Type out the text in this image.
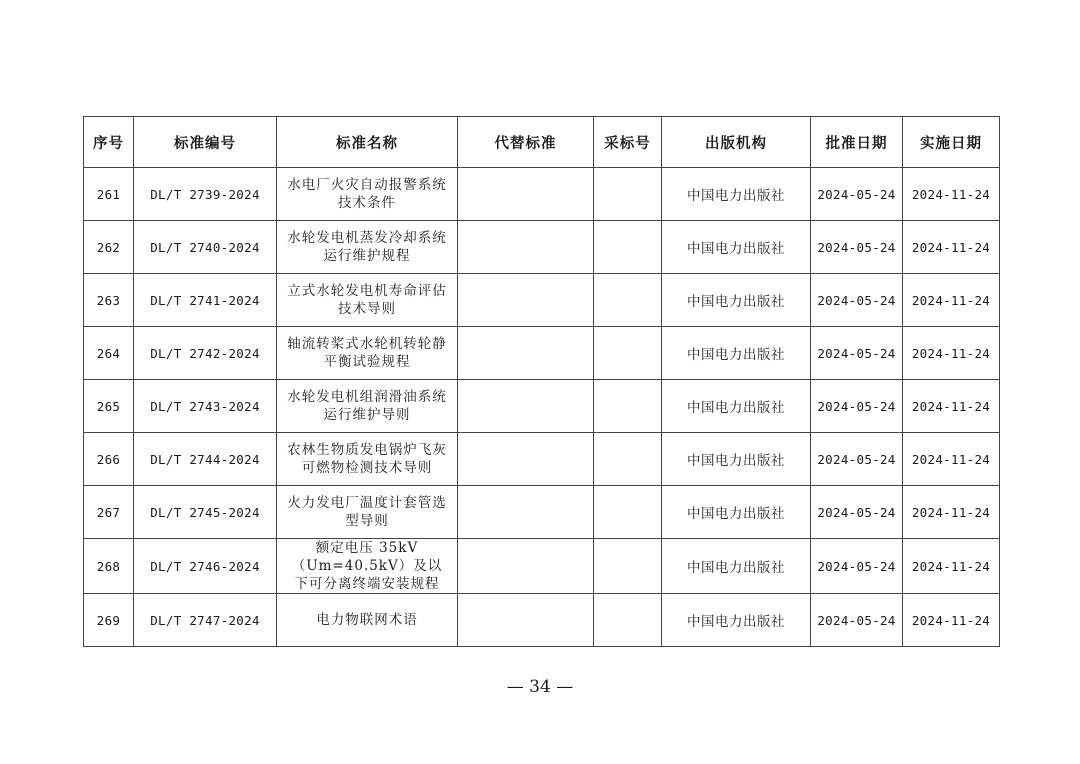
序号	标准编号	标准名称	代替标准	采标号	出版机构	批准日期	实施日期
261	DL/T 2739-2024	水电厂火灾自动报警系统技术条件			中国电力出版社	2024-05-24	2024-11-24
262	DL/T 2740-2024	水轮发电机蒸发冷却系统运行维护规程			中国电力出版社	2024-05-24	2024-11-24
263	DL/T 2741-2024	立式水轮发电机寿命评估技术导则			中国电力出版社	2024-05-24	2024-11-24
264	DL/T 2742-2024	轴流转桨式水轮机转轮静平衡试验规程			中国电力出版社	2024-05-24	2024-11-24
265	DL/T 2743-2024	水轮发电机组润滑油系统运行维护导则			中国电力出版社	2024-05-24	2024-11-24
266	DL/T 2744-2024	农林生物质发电锅炉飞灰可燃物检测技术导则			中国电力出版社	2024-05-24	2024-11-24
267	DL/T 2745-2024	火力发电厂温度计套管选型导则			中国电力出版社	2024-05-24	2024-11-24
268	DL/T 2746-2024	额定电压 35kV（Um=40.5kV）及以下可分离终端安装规程			中国电力出版社	2024-05-24	2024-11-24
269	DL/T 2747-2024	电力物联网术语			中国电力出版社	2024-05-24	2024-11-24
— 34 —
